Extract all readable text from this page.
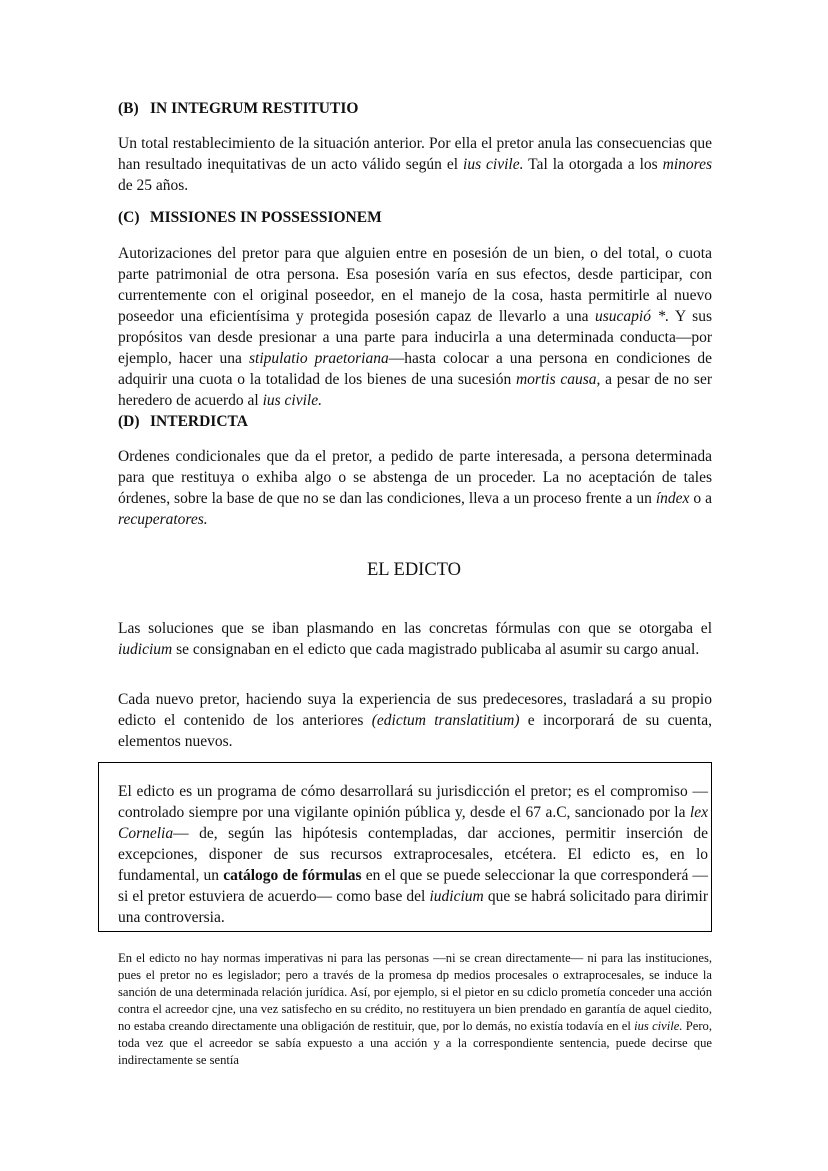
(B) IN INTEGRUM RESTITUTIO
Un total restablecimiento de la situación anterior. Por ella el pretor anula las consecuencias que han resultado inequitativas de un acto válido según el ius civile. Tal la otorgada a los minores de 25 años.
(C) MISSIONES IN POSSESSIONEM
Autorizaciones del pretor para que alguien entre en posesión de un bien, o del total, o cuota parte patrimonial de otra persona. Esa posesión varía en sus efectos, desde participar, con currentemente con el original poseedor, en el manejo de la cosa, hasta permitirle al nuevo poseedor una eficientísima y protegida posesión capaz de llevarlo a una usucapió *. Y sus propósitos van desde presionar a una parte para inducirla a una determinada conducta—por ejemplo, hacer una stipulatio praetoriana—hasta colocar a una persona en condiciones de adquirir una cuota o la totalidad de los bienes de una sucesión mortis causa, a pesar de no ser heredero de acuerdo al ius civile.
(D) INTERDICTA
Ordenes condicionales que da el pretor, a pedido de parte interesada, a persona determinada para que restituya o exhiba algo o se abstenga de un proceder. La no aceptación de tales órdenes, sobre la base de que no se dan las condiciones, lleva a un proceso frente a un índex o a recuperatores.
EL EDICTO
Las soluciones que se iban plasmando en las concretas fórmulas con que se otorgaba el iudicium se consignaban en el edicto que cada magistrado publicaba al asumir su cargo anual.
Cada nuevo pretor, haciendo suya la experiencia de sus predecesores, trasladará a su propio edicto el contenido de los anteriores (edictum translatitium) e incorporará de su cuenta, elementos nuevos.
El edicto es un programa de cómo desarrollará su jurisdicción el pretor; es el compromiso —controlado siempre por una vigilante opinión pública y, desde el 67 a.C, sancionado por la lex Cornelia— de, según las hipótesis contempladas, dar acciones, permitir inserción de excepciones, disponer de sus recursos extraprocesales, etcétera. El edicto es, en lo fundamental, un catálogo de fórmulas en el que se puede seleccionar la que corresponderá —si el pretor estuviera de acuerdo— como base del iudicium que se habrá solicitado para dirimir una controversia.
En el edicto no hay normas imperativas ni para las personas —ni se crean directamente— ni para las instituciones, pues el pretor no es legislador; pero a través de la promesa dp medios procesales o extraprocesales, se induce la sanción de una determinada relación jurídica. Así, por ejemplo, si el pietor en su cdiclo prometía conceder una acción contra el acreedor cjne, una vez satisfecho en su crédito, no restituyera un bien prendado en garantía de aquel ciedito, no estaba creando directamente una obligación de restituir, que, por lo demás, no existía todavía en el ius civile. Pero, toda vez que el acreedor se sabía expuesto a una acción y a la correspondiente sentencia, puede decirse que indirectamente se sentía
